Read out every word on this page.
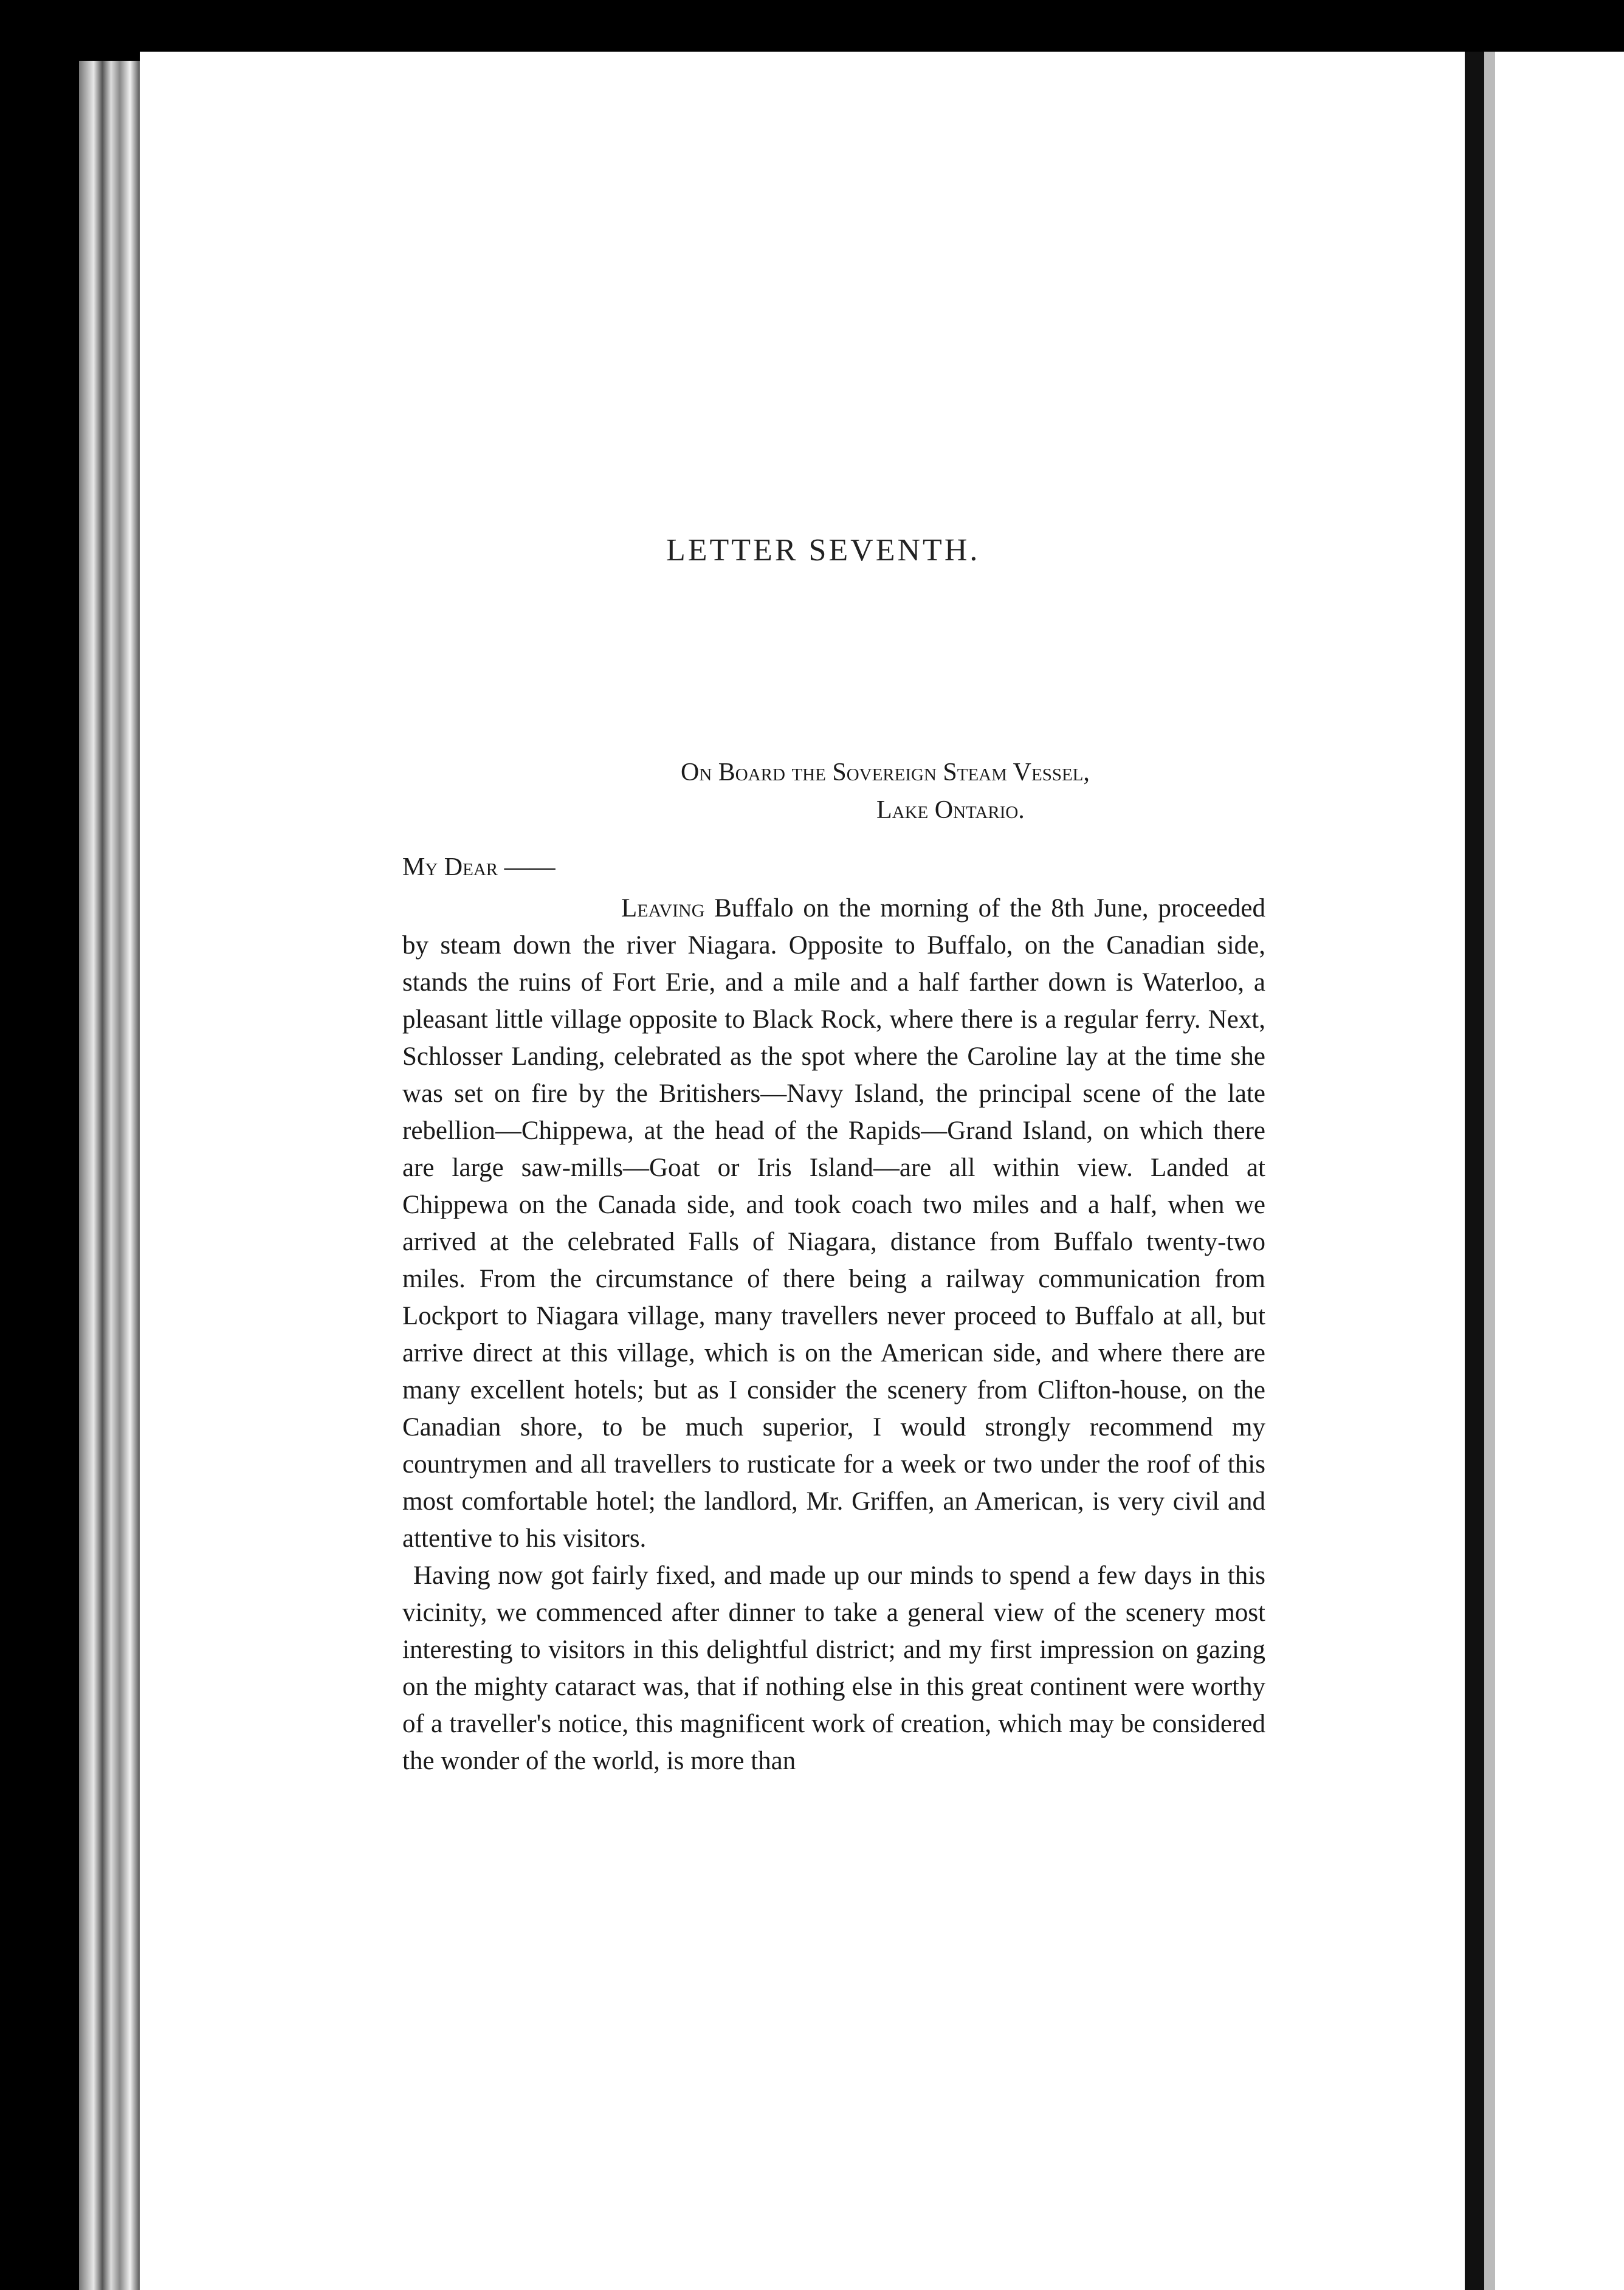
LETTER SEVENTH.
On Board the Sovereign Steam Vessel,
Lake Ontario.
My Dear ——

Leaving Buffalo on the morning of the 8th June, proceeded by steam down the river Niagara. Opposite to Buffalo, on the Canadian side, stands the ruins of Fort Erie, and a mile and a half farther down is Waterloo, a pleasant little village opposite to Black Rock, where there is a regular ferry. Next, Schlosser Landing, celebrated as the spot where the Caroline lay at the time she was set on fire by the Britishers—Navy Island, the principal scene of the late rebellion—Chippewa, at the head of the Rapids—Grand Island, on which there are large saw-mills—Goat or Iris Island—are all within view. Landed at Chippewa on the Canada side, and took coach two miles and a half, when we arrived at the celebrated Falls of Niagara, distance from Buffalo twenty-two miles. From the circumstance of there being a railway communication from Lockport to Niagara village, many travellers never proceed to Buffalo at all, but arrive direct at this village, which is on the American side, and where there are many excellent hotels; but as I consider the scenery from Clifton-house, on the Canadian shore, to be much superior, I would strongly recommend my countrymen and all travellers to rusticate for a week or two under the roof of this most comfortable hotel; the landlord, Mr. Griffen, an American, is very civil and attentive to his visitors.

Having now got fairly fixed, and made up our minds to spend a few days in this vicinity, we commenced after dinner to take a general view of the scenery most interesting to visitors in this delightful district; and my first impression on gazing on the mighty cataract was, that if nothing else in this great continent were worthy of a traveller's notice, this magnificent work of creation, which may be considered the wonder of the world, is more than
